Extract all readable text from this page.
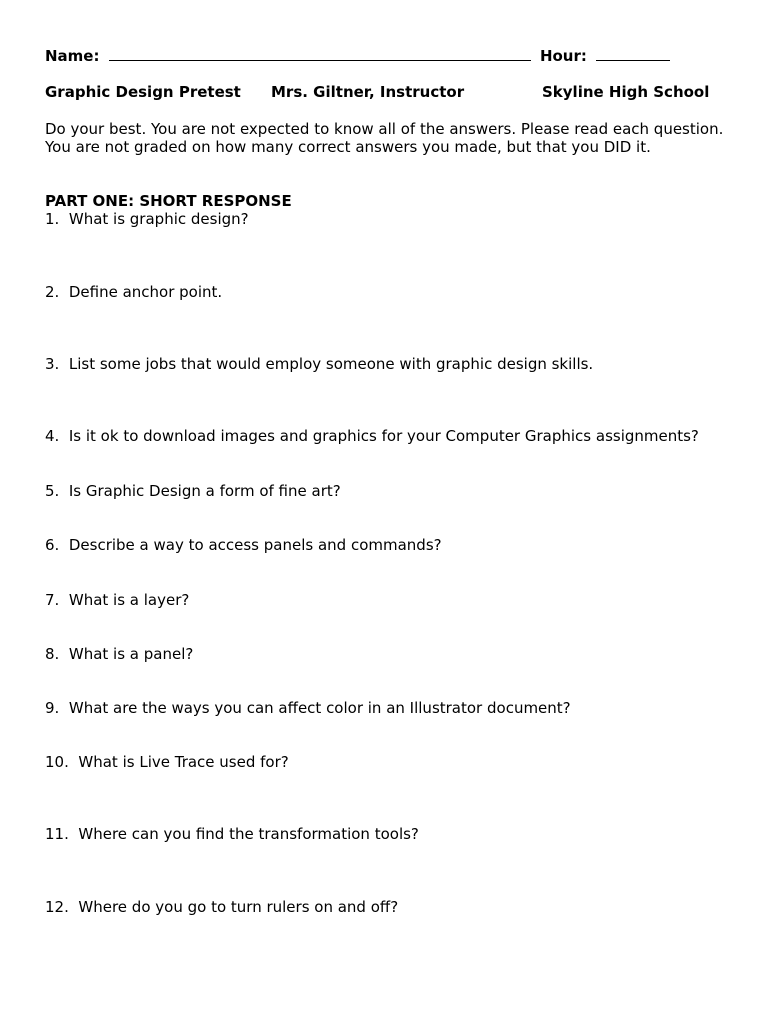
Name:	Hour:
Graphic Design Pretest Mrs. Giltner, Instructor	Skyline High School
Do your best. You are not expected to know all of the answers. Please read each question. You are not graded on how many correct answers you made, but that you DID it.
PART ONE: SHORT RESPONSE
1. What is graphic design?
2. Define anchor point.
3. List some jobs that would employ someone with graphic design skills.
4. Is it ok to download images and graphics for your Computer Graphics assignments?
5. Is Graphic Design a form of fine art?
6. Describe a way to access panels and commands?
7. What is a layer?
8. What is a panel?
9. What are the ways you can affect color in an Illustrator document?
10. What is Live Trace used for?
11. Where can you find the transformation tools?
12. Where do you go to turn rulers on and off?
